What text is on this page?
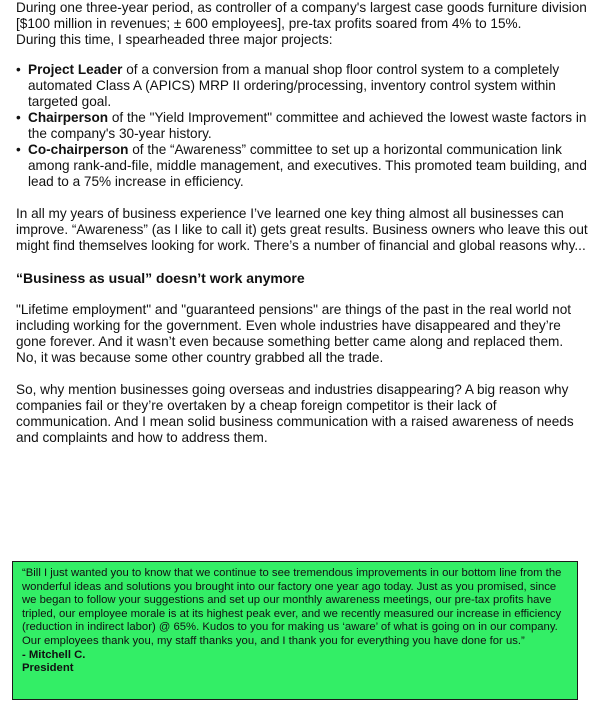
During one three-year period, as controller of a company's largest case goods furniture division [$100 million in revenues; ± 600 employees], pre-tax profits soared from 4% to 15%.

During this time, I spearheaded three major projects:

• Project Leader of a conversion from a manual shop floor control system to a completely automated Class A (APICS) MRP II ordering/processing, inventory control system within targeted goal.
• Chairperson of the "Yield Improvement" committee and achieved the lowest waste factors in the company's 30-year history.
• Co-chairperson of the “Awareness” committee to set up a horizontal communication link among rank-and-file, middle management, and executives. This promoted team building, and lead to a 75% increase in efficiency.

In all my years of business experience I’ve learned one key thing almost all businesses can improve. “Awareness” (as I like to call it) gets great results. Business owners who leave this out might find themselves looking for work. There’s a number of financial and global reasons why...

“Business as usual” doesn’t work anymore

"Lifetime employment" and "guaranteed pensions" are things of the past in the real world not including working for the government. Even whole industries have disappeared and they’re gone forever. And it wasn’t even because something better came along and replaced them. No, it was because some other country grabbed all the trade.

So, why mention businesses going overseas and industries disappearing? A big reason why companies fail or they’re overtaken by a cheap foreign competitor is their lack of communication. And I mean solid business communication with a raised awareness of needs and complaints and how to address them.

“Bill I just wanted you to know that we continue to see tremendous improvements in our bottom line from the wonderful ideas and solutions you brought into our factory one year ago today. Just as you promised, since we began to follow your suggestions and set up our monthly awareness meetings, our pre-tax profits have tripled, our employee morale is at its highest peak ever, and we recently measured our increase in efficiency (reduction in indirect labor) @ 65%. Kudos to you for making us ‘aware’ of what is going on in our company. Our employees thank you, my staff thanks you, and I thank you for everything you have done for us.”
- Mitchell C.
President
